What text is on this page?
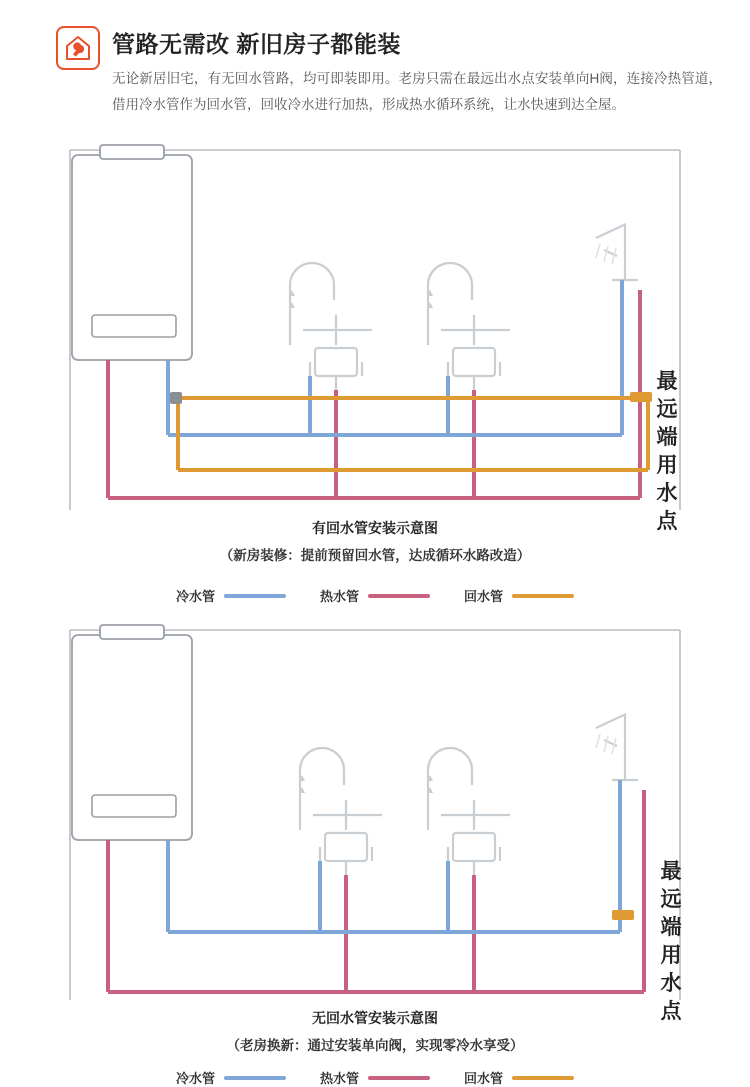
管路无需改 新旧房子都能装
无论新居旧宅，有无回水管路，均可即装即用。老房只需在最远出水点安装单向H阀，连接冷热管道，借用冷水管作为回水管，回收冷水进行加热，形成热水循环系统，让水快速到达全屋。
最
远
端
用
水
点
有回水管安装示意图
（新房装修：提前预留回水管，达成循环水路改造）
冷水管	热水管	回水管
最
远
端
用
水
点
无回水管安装示意图
（老房换新：通过安装单向阀，实现零冷水享受）
冷水管	热水管	回水管
